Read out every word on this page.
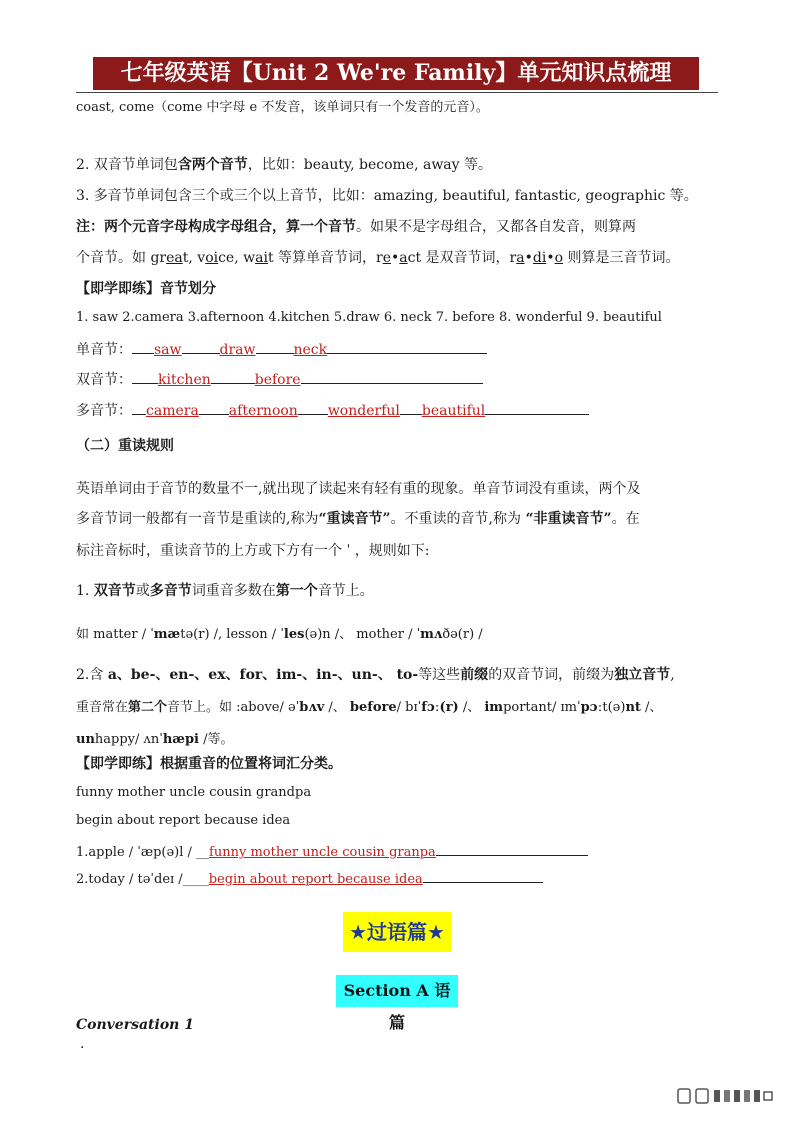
七年级英语【Unit 2 We're Family】单元知识点梳理
coast, come（come 中字母 e 不发音，该单词只有一个发音的元音）。
2. 双音节单词包含两个音节，比如：beauty, become, away 等。
3. 多音节单词包含三个或三个以上音节，比如：amazing, beautiful, fantastic, geographic 等。
注：两个元音字母构成字母组合，算一个音节。如果不是字母组合，又都各自发音，则算两
个音节。如 great, voice, wait 等算单音节词，re•act 是双音节词，ra•di•o 则算是三音节词。
【即学即练】音节划分
1. saw 2.camera 3.afternoon 4.kitchen 5.draw 6. neck 7. before 8. wonderful 9. beautiful
单音节： saw	draw	neck
双音节： kitchen	before
多音节： camera afternoon wonderful beautiful
（二）重读规则
英语单词由于音节的数量不一,就出现了读起来有轻有重的现象。单音节词没有重读，两个及
多音节词一般都有一音节是重读的,称为“重读音节”。不重读的音节,称为 “非重读音节”。在
标注音标时，重读音节的上方或下方有一个 ˈ ，规则如下:
1. 双音节或多音节词重音多数在第一个音节上。
如 matter / ˈmætə(r) /, lesson / ˈles(ə)n /、 mother / ˈmʌðə(r) /
2.含 a、be-、en-、ex、for、im-、in-、un-、 to-等这些前缀的双音节词，前缀为独立音节,
重音常在第二个音节上。如 :above/ əˈbʌv /、 before/ bɪˈfɔː(r) /、 important/ ɪmˈpɔːt(ə)nt /、
unhappy/ ʌnˈhæpi /等。
【即学即练】根据重音的位置将词汇分类。
funny mother uncle cousin grandpa
begin about report because idea
1.apple / ˈæp(ə)l / __funny mother uncle cousin granpa
2.today / təˈdeɪ /____begin about report because idea
★过语篇★
Section A 语篇
Conversation 1
.
